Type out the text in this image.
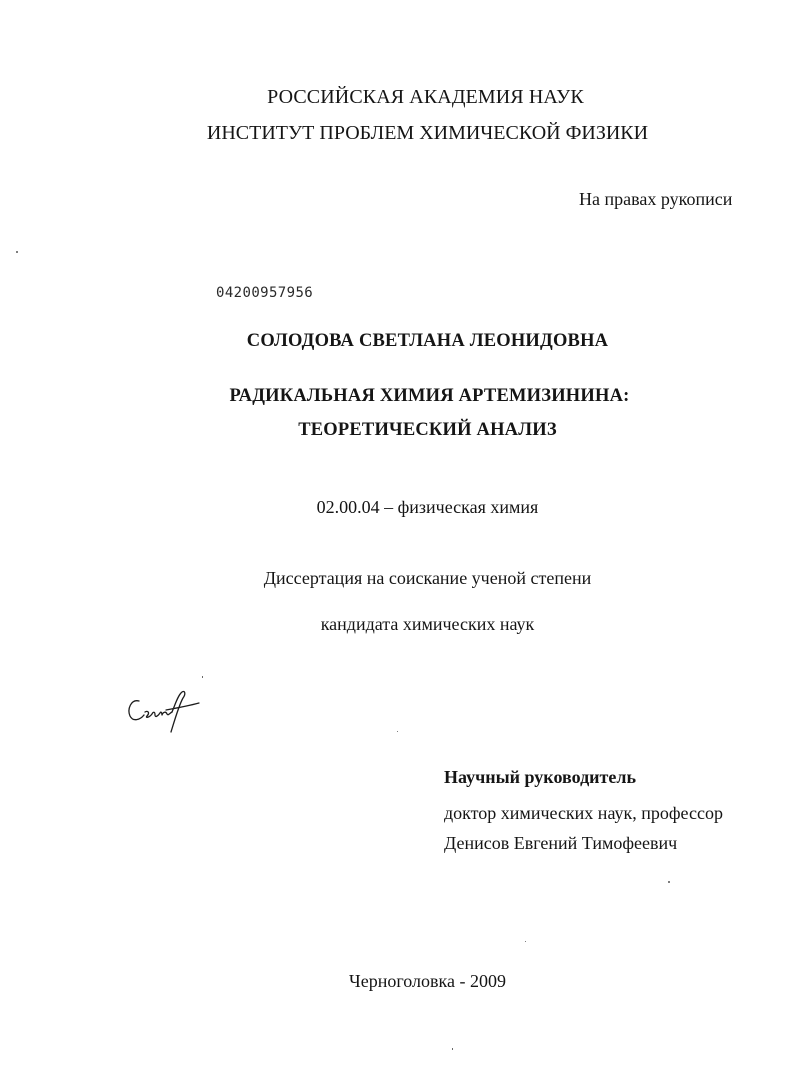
РОССИЙСКАЯ АКАДЕМИЯ НАУК
ИНСТИТУТ ПРОБЛЕМ ХИМИЧЕСКОЙ ФИЗИКИ
На правах рукописи
04200957956
СОЛОДОВА СВЕТЛАНА ЛЕОНИДОВНА
РАДИКАЛЬНАЯ ХИМИЯ АРТЕМИЗИНИНА:
ТЕОРЕТИЧЕСКИЙ АНАЛИЗ
02.00.04 – физическая химия
Диссертация на соискание ученой степени
кандидата химических наук
Научный руководитель
доктор химических наук, профессор
Денисов Евгений Тимофеевич
Черноголовка - 2009
